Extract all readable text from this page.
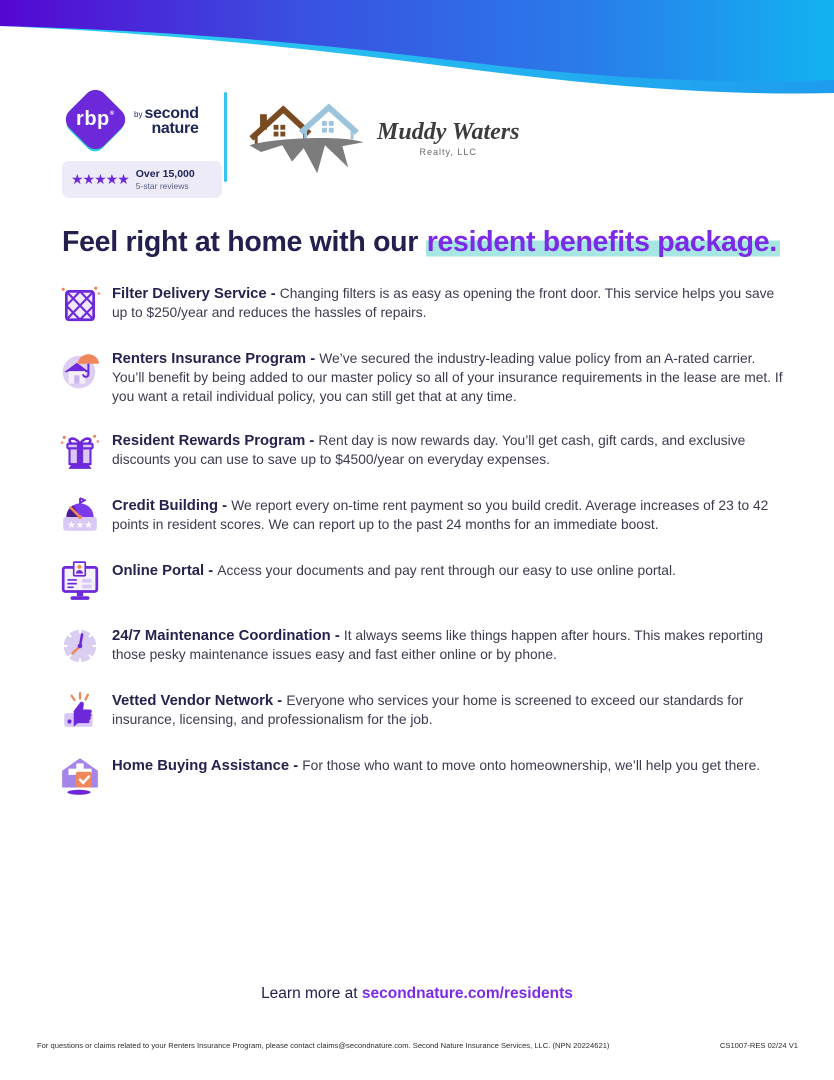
rbp® by second
nature
★★★★★ Over 15,000
5-star reviews
Muddy Waters
Realty, LLC
Feel right at home with our resident benefits package.

Filter Delivery Service - Changing filters is as easy as opening the front door. This service helps you save up to $250/year and reduces the hassles of repairs.

Renters Insurance Program - We’ve secured the industry-leading value policy from an A-rated carrier. You’ll benefit by being added to our master policy so all of your insurance requirements in the lease are met. If you want a retail individual policy, you can still get that at any time.

Resident Rewards Program - Rent day is now rewards day. You’ll get cash, gift cards, and exclusive discounts you can use to save up to $4500/year on everyday expenses.

★★★

Credit Building - We report every on-time rent payment so you build credit. Average increases of 23 to 42 points in resident scores. We can report up to the past 24 months for an immediate boost.

Online Portal - Access your documents and pay rent through our easy to use online portal.

24/7 Maintenance Coordination - It always seems like things happen after hours. This makes reporting those pesky maintenance issues easy and fast either online or by phone.

Vetted Vendor Network - Everyone who services your home is screened to exceed our standards for insurance, licensing, and professionalism for the job.

Home Buying Assistance - For those who want to move onto homeownership, we’ll help you get there.

Learn more at secondnature.com/residents
For questions or claims related to your Renters Insurance Program, please contact claims@secondnature.com. Second Nature Insurance Services, LLC. (NPN 20224621)	CS1007-RES 02/24 V1
